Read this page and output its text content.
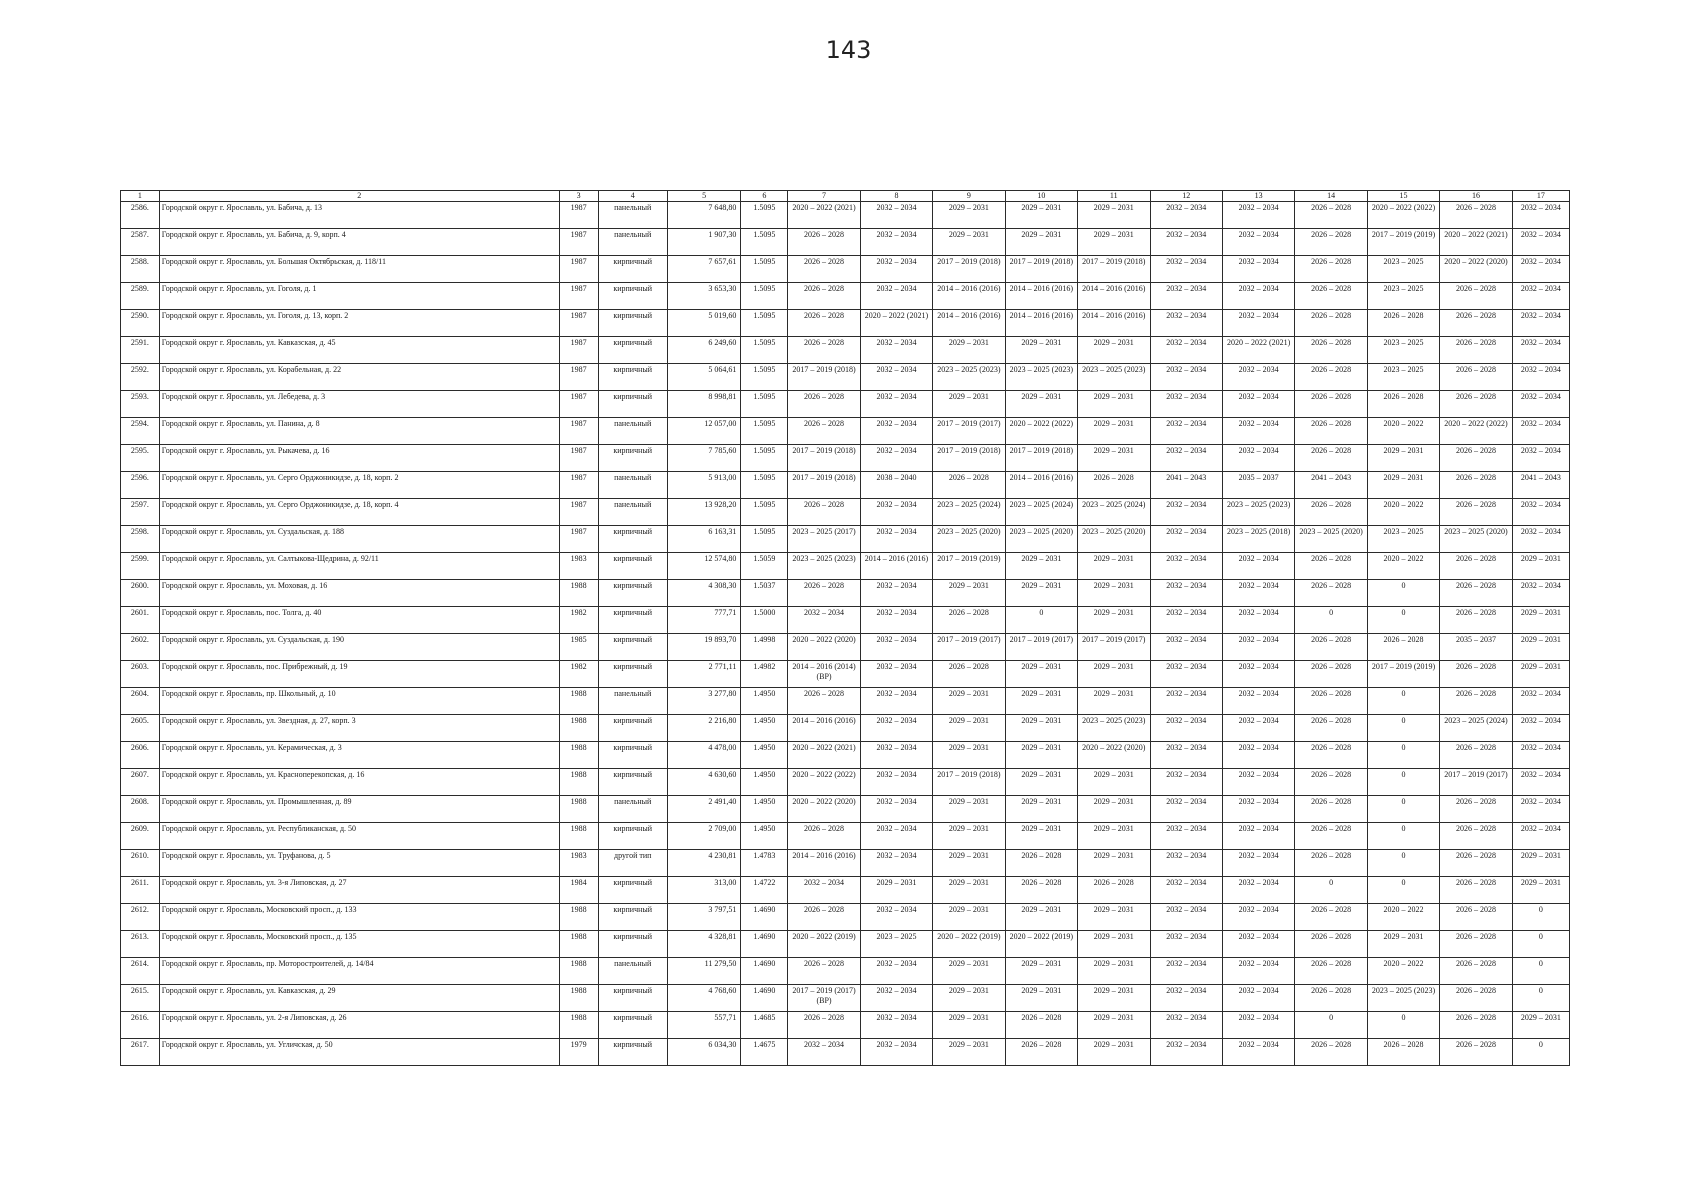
143
1	2	3	4	5	6	7	8	9	10	11	12	13	14	15	16	17
2586.	Городской округ г. Ярославль, ул. Бабича, д. 13	1987	панельный	7 648,80	1.5095	2020 – 2022 (2021)	2032 – 2034	2029 – 2031	2029 – 2031	2029 – 2031	2032 – 2034	2032 – 2034	2026 – 2028	2020 – 2022 (2022)	2026 – 2028	2032 – 2034
2587.	Городской округ г. Ярославль, ул. Бабича, д. 9, корп. 4	1987	панельный	1 907,30	1.5095	2026 – 2028	2032 – 2034	2029 – 2031	2029 – 2031	2029 – 2031	2032 – 2034	2032 – 2034	2026 – 2028	2017 – 2019 (2019)	2020 – 2022 (2021)	2032 – 2034
2588.	Городской округ г. Ярославль, ул. Большая Октябрьская, д. 118/11	1987	кирпичный	7 657,61	1.5095	2026 – 2028	2032 – 2034	2017 – 2019 (2018)	2017 – 2019 (2018)	2017 – 2019 (2018)	2032 – 2034	2032 – 2034	2026 – 2028	2023 – 2025	2020 – 2022 (2020)	2032 – 2034
2589.	Городской округ г. Ярославль, ул. Гоголя, д. 1	1987	кирпичный	3 653,30	1.5095	2026 – 2028	2032 – 2034	2014 – 2016 (2016)	2014 – 2016 (2016)	2014 – 2016 (2016)	2032 – 2034	2032 – 2034	2026 – 2028	2023 – 2025	2026 – 2028	2032 – 2034
2590.	Городской округ г. Ярославль, ул. Гоголя, д. 13, корп. 2	1987	кирпичный	5 019,60	1.5095	2026 – 2028	2020 – 2022 (2021)	2014 – 2016 (2016)	2014 – 2016 (2016)	2014 – 2016 (2016)	2032 – 2034	2032 – 2034	2026 – 2028	2026 – 2028	2026 – 2028	2032 – 2034
2591.	Городской округ г. Ярославль, ул. Кавказская, д. 45	1987	кирпичный	6 249,60	1.5095	2026 – 2028	2032 – 2034	2029 – 2031	2029 – 2031	2029 – 2031	2032 – 2034	2020 – 2022 (2021)	2026 – 2028	2023 – 2025	2026 – 2028	2032 – 2034
2592.	Городской округ г. Ярославль, ул. Корабельная, д. 22	1987	кирпичный	5 064,61	1.5095	2017 – 2019 (2018)	2032 – 2034	2023 – 2025 (2023)	2023 – 2025 (2023)	2023 – 2025 (2023)	2032 – 2034	2032 – 2034	2026 – 2028	2023 – 2025	2026 – 2028	2032 – 2034
2593.	Городской округ г. Ярославль, ул. Лебедева, д. 3	1987	кирпичный	8 998,81	1.5095	2026 – 2028	2032 – 2034	2029 – 2031	2029 – 2031	2029 – 2031	2032 – 2034	2032 – 2034	2026 – 2028	2026 – 2028	2026 – 2028	2032 – 2034
2594.	Городской округ г. Ярославль, ул. Панина, д. 8	1987	панельный	12 057,00	1.5095	2026 – 2028	2032 – 2034	2017 – 2019 (2017)	2020 – 2022 (2022)	2029 – 2031	2032 – 2034	2032 – 2034	2026 – 2028	2020 – 2022	2020 – 2022 (2022)	2032 – 2034
2595.	Городской округ г. Ярославль, ул. Рыкачева, д. 16	1987	кирпичный	7 785,60	1.5095	2017 – 2019 (2018)	2032 – 2034	2017 – 2019 (2018)	2017 – 2019 (2018)	2029 – 2031	2032 – 2034	2032 – 2034	2026 – 2028	2029 – 2031	2026 – 2028	2032 – 2034
2596.	Городской округ г. Ярославль, ул. Серго Орджоникидзе, д. 18, корп. 2	1987	панельный	5 913,00	1.5095	2017 – 2019 (2018)	2038 – 2040	2026 – 2028	2014 – 2016 (2016)	2026 – 2028	2041 – 2043	2035 – 2037	2041 – 2043	2029 – 2031	2026 – 2028	2041 – 2043
2597.	Городской округ г. Ярославль, ул. Серго Орджоникидзе, д. 18, корп. 4	1987	панельный	13 928,20	1.5095	2026 – 2028	2032 – 2034	2023 – 2025 (2024)	2023 – 2025 (2024)	2023 – 2025 (2024)	2032 – 2034	2023 – 2025 (2023)	2026 – 2028	2020 – 2022	2026 – 2028	2032 – 2034
2598.	Городской округ г. Ярославль, ул. Суздальская, д. 188	1987	кирпичный	6 163,31	1.5095	2023 – 2025 (2017)	2032 – 2034	2023 – 2025 (2020)	2023 – 2025 (2020)	2023 – 2025 (2020)	2032 – 2034	2023 – 2025 (2018)	2023 – 2025 (2020)	2023 – 2025	2023 – 2025 (2020)	2032 – 2034
2599.	Городской округ г. Ярославль, ул. Салтыкова-Щедрина, д. 92/11	1983	кирпичный	12 574,80	1.5059	2023 – 2025 (2023)	2014 – 2016 (2016)	2017 – 2019 (2019)	2029 – 2031	2029 – 2031	2032 – 2034	2032 – 2034	2026 – 2028	2020 – 2022	2026 – 2028	2029 – 2031
2600.	Городской округ г. Ярославль, ул. Моховая, д. 16	1988	кирпичный	4 308,30	1.5037	2026 – 2028	2032 – 2034	2029 – 2031	2029 – 2031	2029 – 2031	2032 – 2034	2032 – 2034	2026 – 2028	0	2026 – 2028	2032 – 2034
2601.	Городской округ г. Ярославль, пос. Толга, д. 40	1982	кирпичный	777,71	1.5000	2032 – 2034	2032 – 2034	2026 – 2028	0	2029 – 2031	2032 – 2034	2032 – 2034	0	0	2026 – 2028	2029 – 2031
2602.	Городской округ г. Ярославль, ул. Суздальская, д. 190	1985	кирпичный	19 893,70	1.4998	2020 – 2022 (2020)	2032 – 2034	2017 – 2019 (2017)	2017 – 2019 (2017)	2017 – 2019 (2017)	2032 – 2034	2032 – 2034	2026 – 2028	2026 – 2028	2035 – 2037	2029 – 2031
2603.	Городской округ г. Ярославль, пос. Прибрежный, д. 19	1982	кирпичный	2 771,11	1.4982	2014 – 2016 (2014) (ВР)	2032 – 2034	2026 – 2028	2029 – 2031	2029 – 2031	2032 – 2034	2032 – 2034	2026 – 2028	2017 – 2019 (2019)	2026 – 2028	2029 – 2031
2604.	Городской округ г. Ярославль, пр. Школьный, д. 10	1988	панельный	3 277,80	1.4950	2026 – 2028	2032 – 2034	2029 – 2031	2029 – 2031	2029 – 2031	2032 – 2034	2032 – 2034	2026 – 2028	0	2026 – 2028	2032 – 2034
2605.	Городской округ г. Ярославль, ул. Звездная, д. 27, корп. 3	1988	кирпичный	2 216,80	1.4950	2014 – 2016 (2016)	2032 – 2034	2029 – 2031	2029 – 2031	2023 – 2025 (2023)	2032 – 2034	2032 – 2034	2026 – 2028	0	2023 – 2025 (2024)	2032 – 2034
2606.	Городской округ г. Ярославль, ул. Керамическая, д. 3	1988	кирпичный	4 478,00	1.4950	2020 – 2022 (2021)	2032 – 2034	2029 – 2031	2029 – 2031	2020 – 2022 (2020)	2032 – 2034	2032 – 2034	2026 – 2028	0	2026 – 2028	2032 – 2034
2607.	Городской округ г. Ярославль, ул. Красноперекопская, д. 16	1988	кирпичный	4 630,60	1.4950	2020 – 2022 (2022)	2032 – 2034	2017 – 2019 (2018)	2029 – 2031	2029 – 2031	2032 – 2034	2032 – 2034	2026 – 2028	0	2017 – 2019 (2017)	2032 – 2034
2608.	Городской округ г. Ярославль, ул. Промышленная, д. 89	1988	панельный	2 491,40	1.4950	2020 – 2022 (2020)	2032 – 2034	2029 – 2031	2029 – 2031	2029 – 2031	2032 – 2034	2032 – 2034	2026 – 2028	0	2026 – 2028	2032 – 2034
2609.	Городской округ г. Ярославль, ул. Республиканская, д. 50	1988	кирпичный	2 709,00	1.4950	2026 – 2028	2032 – 2034	2029 – 2031	2029 – 2031	2029 – 2031	2032 – 2034	2032 – 2034	2026 – 2028	0	2026 – 2028	2032 – 2034
2610.	Городской округ г. Ярославль, ул. Труфанова, д. 5	1983	другой тип	4 230,81	1.4783	2014 – 2016 (2016)	2032 – 2034	2029 – 2031	2026 – 2028	2029 – 2031	2032 – 2034	2032 – 2034	2026 – 2028	0	2026 – 2028	2029 – 2031
2611.	Городской округ г. Ярославль, ул. 3-я Липовская, д. 27	1984	кирпичный	313,00	1.4722	2032 – 2034	2029 – 2031	2029 – 2031	2026 – 2028	2026 – 2028	2032 – 2034	2032 – 2034	0	0	2026 – 2028	2029 – 2031
2612.	Городской округ г. Ярославль, Московский просп., д. 133	1988	кирпичный	3 797,51	1.4690	2026 – 2028	2032 – 2034	2029 – 2031	2029 – 2031	2029 – 2031	2032 – 2034	2032 – 2034	2026 – 2028	2020 – 2022	2026 – 2028	0
2613.	Городской округ г. Ярославль, Московский просп., д. 135	1988	кирпичный	4 328,81	1.4690	2020 – 2022 (2019)	2023 – 2025	2020 – 2022 (2019)	2020 – 2022 (2019)	2029 – 2031	2032 – 2034	2032 – 2034	2026 – 2028	2029 – 2031	2026 – 2028	0
2614.	Городской округ г. Ярославль, пр. Моторостроителей, д. 14/84	1988	панельный	11 279,50	1.4690	2026 – 2028	2032 – 2034	2029 – 2031	2029 – 2031	2029 – 2031	2032 – 2034	2032 – 2034	2026 – 2028	2020 – 2022	2026 – 2028	0
2615.	Городской округ г. Ярославль, ул. Кавказская, д. 29	1988	кирпичный	4 768,60	1.4690	2017 – 2019 (2017) (ВР)	2032 – 2034	2029 – 2031	2029 – 2031	2029 – 2031	2032 – 2034	2032 – 2034	2026 – 2028	2023 – 2025 (2023)	2026 – 2028	0
2616.	Городской округ г. Ярославль, ул. 2-я Липовская, д. 26	1988	кирпичный	557,71	1.4685	2026 – 2028	2032 – 2034	2029 – 2031	2026 – 2028	2029 – 2031	2032 – 2034	2032 – 2034	0	0	2026 – 2028	2029 – 2031
2617.	Городской округ г. Ярославль, ул. Угличская, д. 50	1979	кирпичный	6 034,30	1.4675	2032 – 2034	2032 – 2034	2029 – 2031	2026 – 2028	2029 – 2031	2032 – 2034	2032 – 2034	2026 – 2028	2026 – 2028	2026 – 2028	0
